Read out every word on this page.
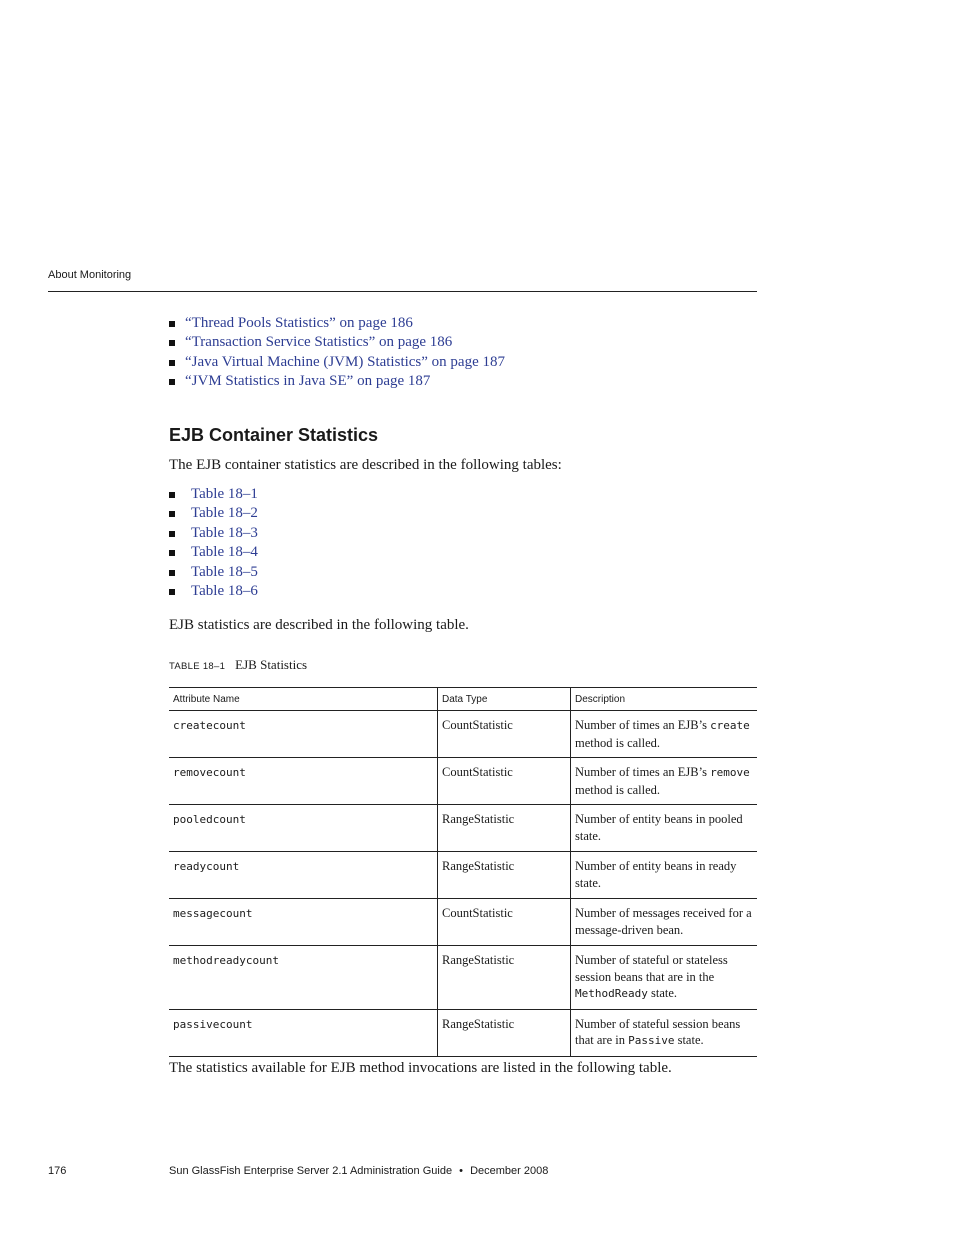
About Monitoring
“Thread Pools Statistics” on page 186
“Transaction Service Statistics” on page 186
“Java Virtual Machine (JVM) Statistics” on page 187
“JVM Statistics in Java SE” on page 187
EJB Container Statistics

The EJB container statistics are described in the following tables:

Table 18–1
Table 18–2
Table 18–3
Table 18–4
Table 18–5
Table 18–6

EJB statistics are described in the following table.

TABLE 18–1 EJB Statistics
Attribute Name	Data Type	Description
createcount	CountStatistic	Number of times an EJB’s create method is called.
removecount	CountStatistic	Number of times an EJB’s remove method is called.
pooledcount	RangeStatistic	Number of entity beans in pooled state.
readycount	RangeStatistic	Number of entity beans in ready state.
messagecount	CountStatistic	Number of messages received for a message-driven bean.
methodreadycount	RangeStatistic	Number of stateful or stateless session beans that are in the MethodReady state.
passivecount	RangeStatistic	Number of stateful session beans that are in Passive state.

The statistics available for EJB method invocations are listed in the following table.

176	Sun GlassFish Enterprise Server 2.1 Administration Guide • December 2008
